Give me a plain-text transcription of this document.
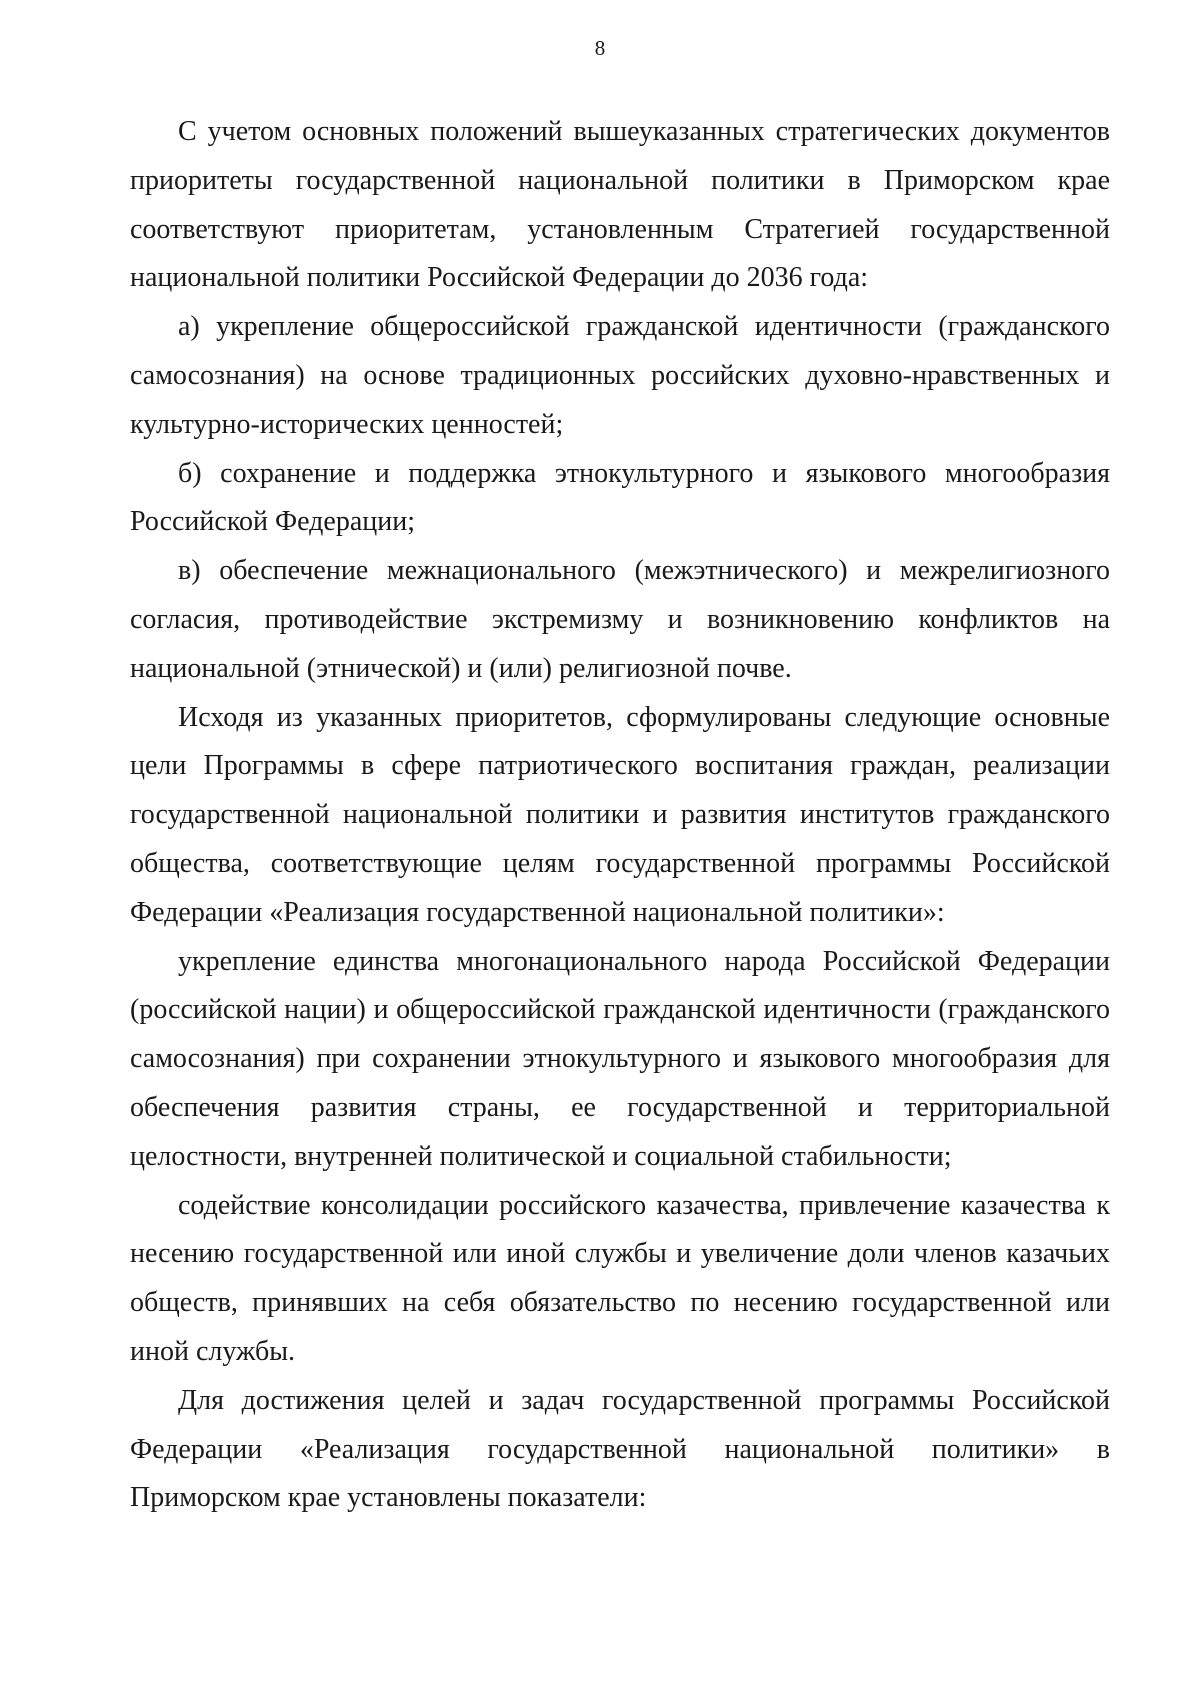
8

С учетом основных положений вышеуказанных стратегических документов приоритеты государственной национальной политики в Приморском крае соответствуют приоритетам, установленным Стратегией государственной национальной политики Российской Федерации до 2036 года:

а) укрепление общероссийской гражданской идентичности (гражданского самосознания) на основе традиционных российских духовно-нравственных и культурно-исторических ценностей;

б) сохранение и поддержка этнокультурного и языкового многообразия Российской Федерации;

в) обеспечение межнационального (межэтнического) и межрелигиозного согласия, противодействие экстремизму и возникновению конфликтов на национальной (этнической) и (или) религиозной почве.

Исходя из указанных приоритетов, сформулированы следующие основные цели Программы в сфере патриотического воспитания граждан, реализации государственной национальной политики и развития институтов гражданского общества, соответствующие целям государственной программы Российской Федерации «Реализация государственной национальной политики»:

укрепление единства многонационального народа Российской Федерации (российской нации) и общероссийской гражданской идентичности (гражданского самосознания) при сохранении этнокультурного и языкового многообразия для обеспечения развития страны, ее государственной и территориальной целостности, внутренней политической и социальной стабильности;

содействие консолидации российского казачества, привлечение казачества к несению государственной или иной службы и увеличение доли членов казачьих обществ, принявших на себя обязательство по несению государственной или иной службы.

Для достижения целей и задач государственной программы Российской Федерации «Реализация государственной национальной политики» в Приморском крае установлены показатели:
